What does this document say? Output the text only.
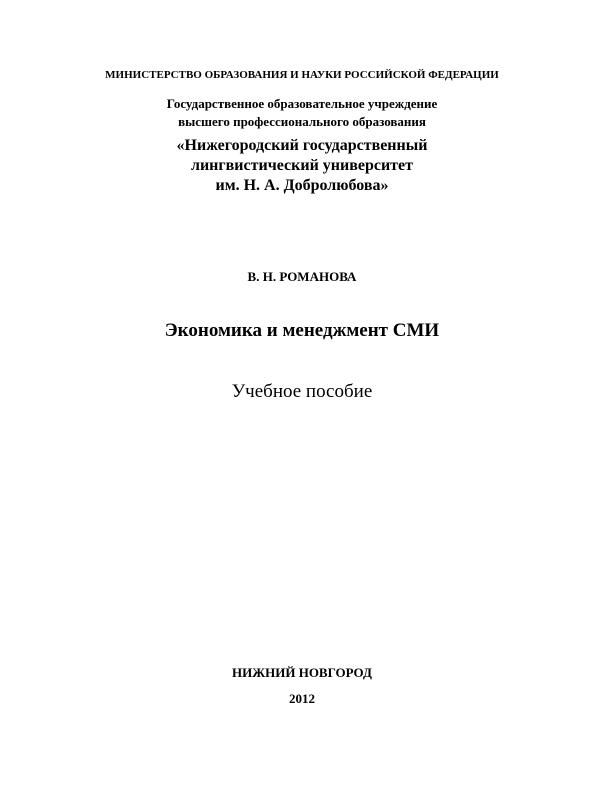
МИНИСТЕРСТВО ОБРАЗОВАНИЯ И НАУКИ РОССИЙСКОЙ ФЕДЕРАЦИИ
Государственное образовательное учреждение
высшего профессионального образования
«Нижегородский государственный
лингвистический университет
им. Н. А. Добролюбова»
В. Н. РОМАНОВА
Экономика и менеджмент СМИ
Учебное пособие
НИЖНИЙ НОВГОРОД
2012
